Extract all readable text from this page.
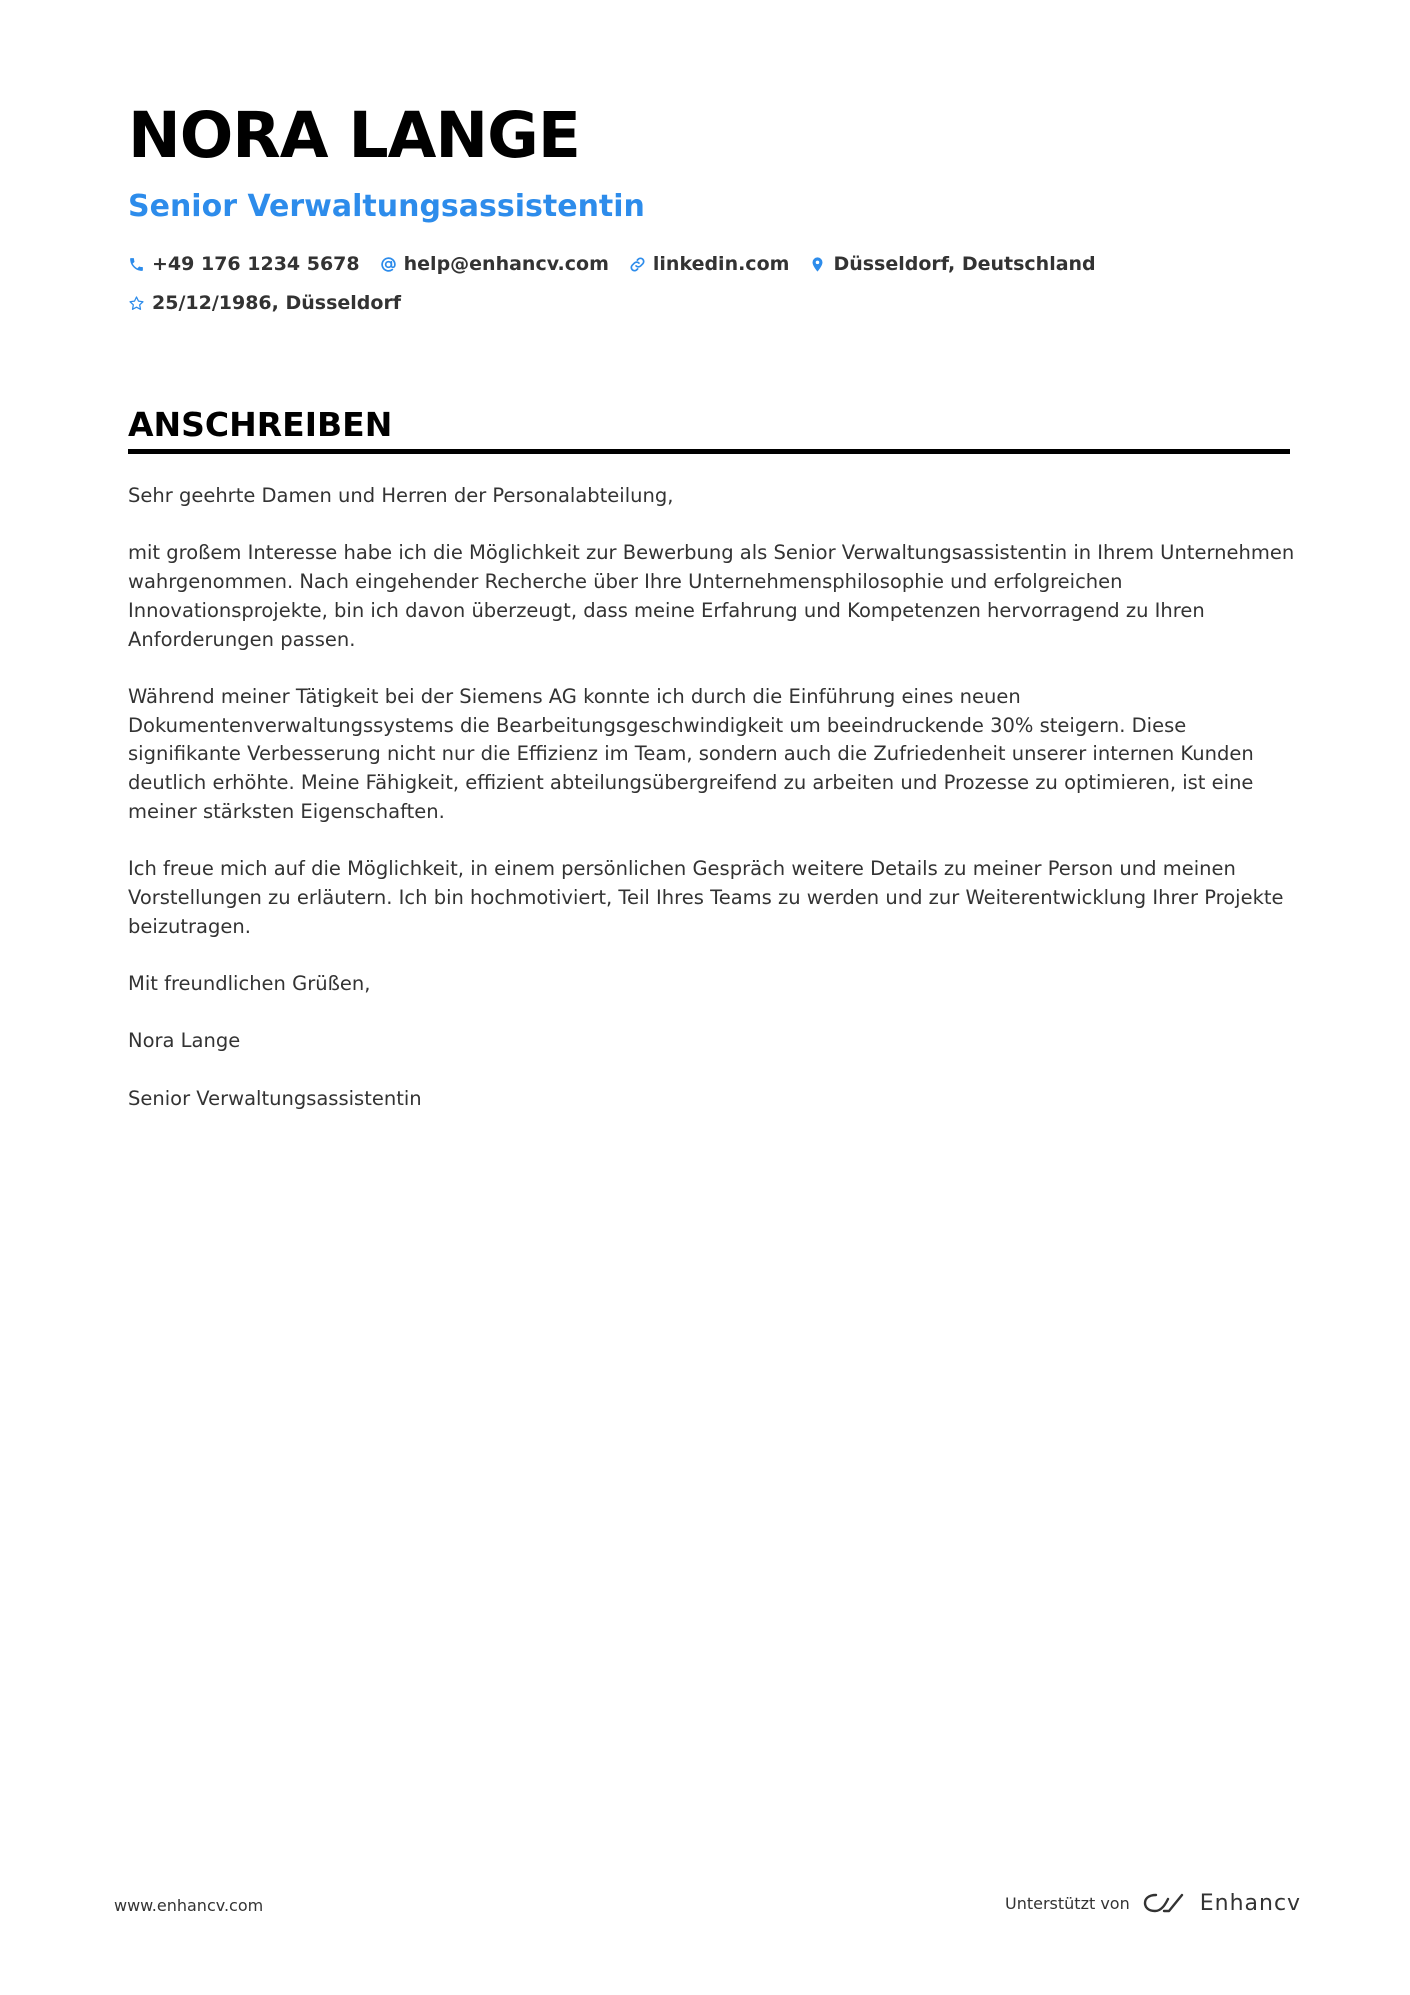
NORA LANGE
Senior Verwaltungsassistentin
+49 176 1234 5678 help@enhancv.com linkedin.com Düsseldorf, Deutschland
25/12/1986, Düsseldorf
ANSCHREIBEN

Sehr geehrte Damen und Herren der Personalabteilung,

mit großem Interesse habe ich die Möglichkeit zur Bewerbung als Senior Verwaltungsassistentin in Ihrem Unternehmen wahrgenommen. Nach eingehender Recherche über Ihre Unternehmensphilosophie und erfolgreichen Innovationsprojekte, bin ich davon überzeugt, dass meine Erfahrung und Kompetenzen hervorragend zu Ihren Anforderungen passen.

Während meiner Tätigkeit bei der Siemens AG konnte ich durch die Einführung eines neuen Dokumentenverwaltungssystems die Bearbeitungsgeschwindigkeit um beeindruckende 30% steigern. Diese signifikante Verbesserung nicht nur die Effizienz im Team, sondern auch die Zufriedenheit unserer internen Kunden deutlich erhöhte. Meine Fähigkeit, effizient abteilungsübergreifend zu arbeiten und Prozesse zu optimieren, ist eine meiner stärksten Eigenschaften.

Ich freue mich auf die Möglichkeit, in einem persönlichen Gespräch weitere Details zu meiner Person und meinen Vorstellungen zu erläutern. Ich bin hochmotiviert, Teil Ihres Teams zu werden und zur Weiterentwicklung Ihrer Projekte beizutragen.

Mit freundlichen Grüßen,

Nora Lange

Senior Verwaltungsassistentin

www.enhancv.com	Unterstützt von	Enhancv
